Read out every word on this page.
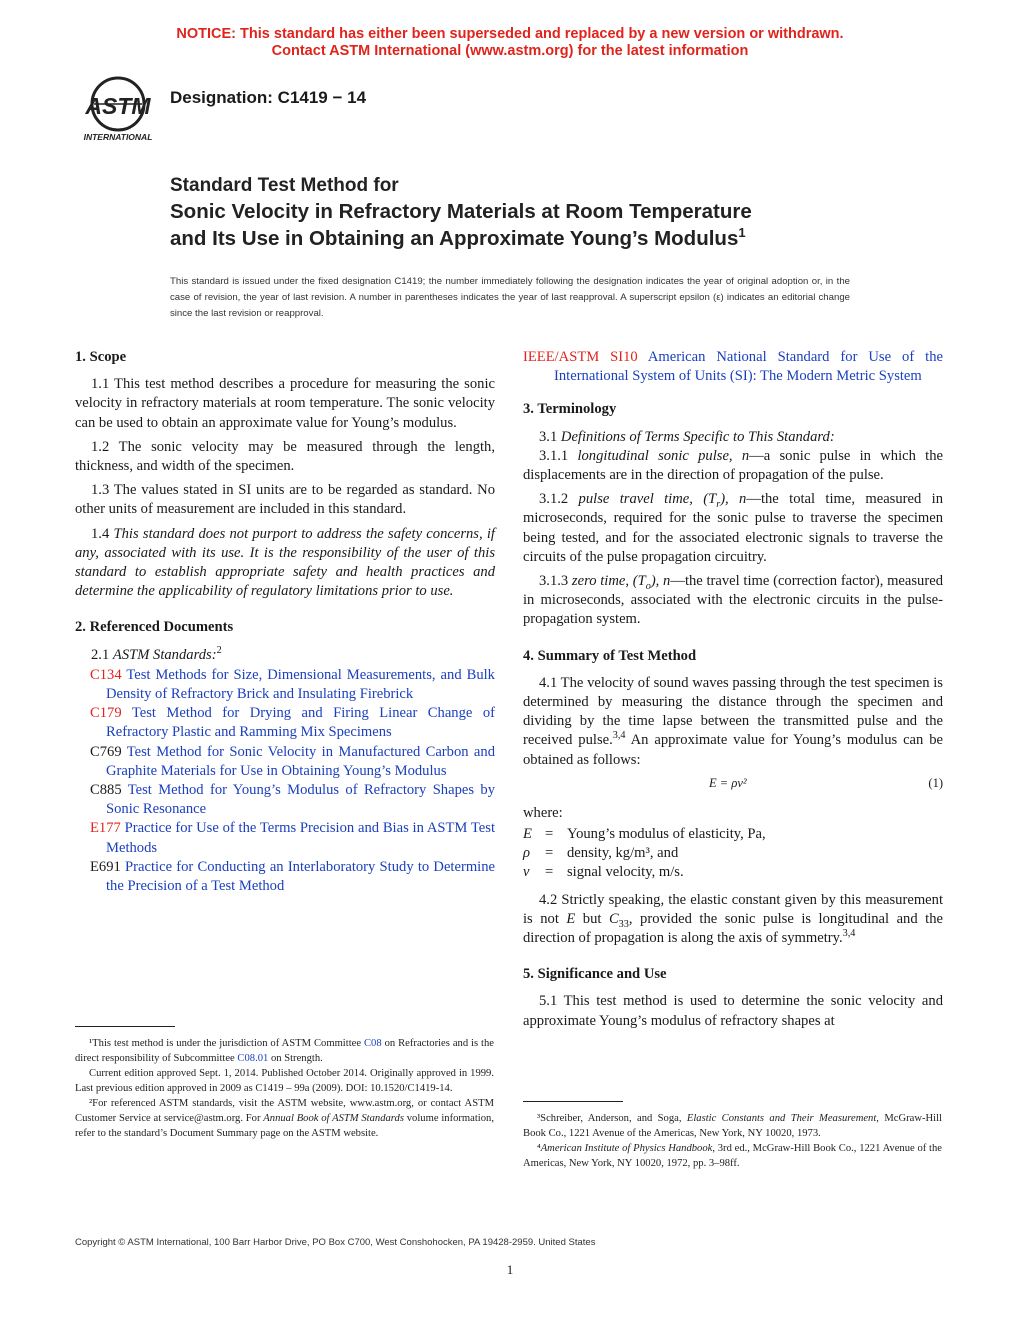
NOTICE: This standard has either been superseded and replaced by a new version or withdrawn.
Contact ASTM International (www.astm.org) for the latest information
ASTM
INTERNATIONAL
Designation: C1419 − 14
Standard Test Method for
Sonic Velocity in Refractory Materials at Room Temperature
and Its Use in Obtaining an Approximate Young’s Modulus$^1$
This standard is issued under the fixed designation C1419; the number immediately following the designation indicates the year of original adoption or, in the case of revision, the year of last revision. A number in parentheses indicates the year of last reapproval. A superscript epsilon (ε) indicates an editorial change since the last revision or reapproval.
1. Scope

1.1 This test method describes a procedure for measuring the sonic velocity in refractory materials at room temperature. The sonic velocity can be used to obtain an approximate value for Young’s modulus.

1.2 The sonic velocity may be measured through the length, thickness, and width of the specimen.

1.3 The values stated in SI units are to be regarded as standard. No other units of measurement are included in this standard.

1.4 This standard does not purport to address the safety concerns, if any, associated with its use. It is the responsibility of the user of this standard to establish appropriate safety and health practices and determine the applicability of regulatory limitations prior to use.

2. Referenced Documents

2.1 ASTM Standards:$^2$

C134 Test Methods for Size, Dimensional Measurements, and Bulk Density of Refractory Brick and Insulating Firebrick

C179 Test Method for Drying and Firing Linear Change of Refractory Plastic and Ramming Mix Specimens

C769 Test Method for Sonic Velocity in Manufactured Carbon and Graphite Materials for Use in Obtaining Young’s Modulus

C885 Test Method for Young’s Modulus of Refractory Shapes by Sonic Resonance

E177 Practice for Use of the Terms Precision and Bias in ASTM Test Methods

E691 Practice for Conducting an Interlaboratory Study to Determine the Precision of a Test Method

IEEE/ASTM SI10 American National Standard for Use of the International System of Units (SI): The Modern Metric System

3. Terminology

3.1 Definitions of Terms Specific to This Standard:

3.1.1 longitudinal sonic pulse, n—a sonic pulse in which the displacements are in the direction of propagation of the pulse.

3.1.2 pulse travel time, $(T_r)$, n—the total time, measured in microseconds, required for the sonic pulse to traverse the specimen being tested, and for the associated electronic signals to traverse the circuits of the pulse propagation circuitry.

3.1.3 zero time, $(T_o)$, n—the travel time (correction factor), measured in microseconds, associated with the electronic circuits in the pulse-propagation system.

4. Summary of Test Method

4.1 The velocity of sound waves passing through the test specimen is determined by measuring the distance through the specimen and dividing by the time lapse between the transmitted pulse and the received pulse.$^{3,4}$ An approximate value for Young’s modulus can be obtained as follows:

E = ρv²	(1)
where:
E = Young’s modulus of elasticity, Pa,
ρ	= density, kg/m³, and
v	= signal velocity, m/s.

4.2 Strictly speaking, the elastic constant given by this measurement is not E but $C_{33}$, provided the sonic pulse is longitudinal and the direction of propagation is along the axis of symmetry.$^{3,4}$

5. Significance and Use

5.1 This test method is used to determine the sonic velocity and approximate Young’s modulus of refractory shapes at

¹This test method is under the jurisdiction of ASTM Committee C08 on Refractories and is the direct responsibility of Subcommittee C08.01 on Strength.

Current edition approved Sept. 1, 2014. Published October 2014. Originally approved in 1999. Last previous edition approved in 2009 as C1419 – 99a (2009). DOI: 10.1520/C1419-14.

²For referenced ASTM standards, visit the ASTM website, www.astm.org, or contact ASTM Customer Service at service@astm.org. For Annual Book of ASTM Standards volume information, refer to the standard’s Document Summary page on the ASTM website.

³Schreiber, Anderson, and Soga, Elastic Constants and Their Measurement, McGraw-Hill Book Co., 1221 Avenue of the Americas, New York, NY 10020, 1973.

⁴American Institute of Physics Handbook, 3rd ed., McGraw-Hill Book Co., 1221 Avenue of the Americas, New York, NY 10020, 1972, pp. 3–98ff.

Copyright © ASTM International, 100 Barr Harbor Drive, PO Box C700, West Conshohocken, PA 19428-2959. United States
1
